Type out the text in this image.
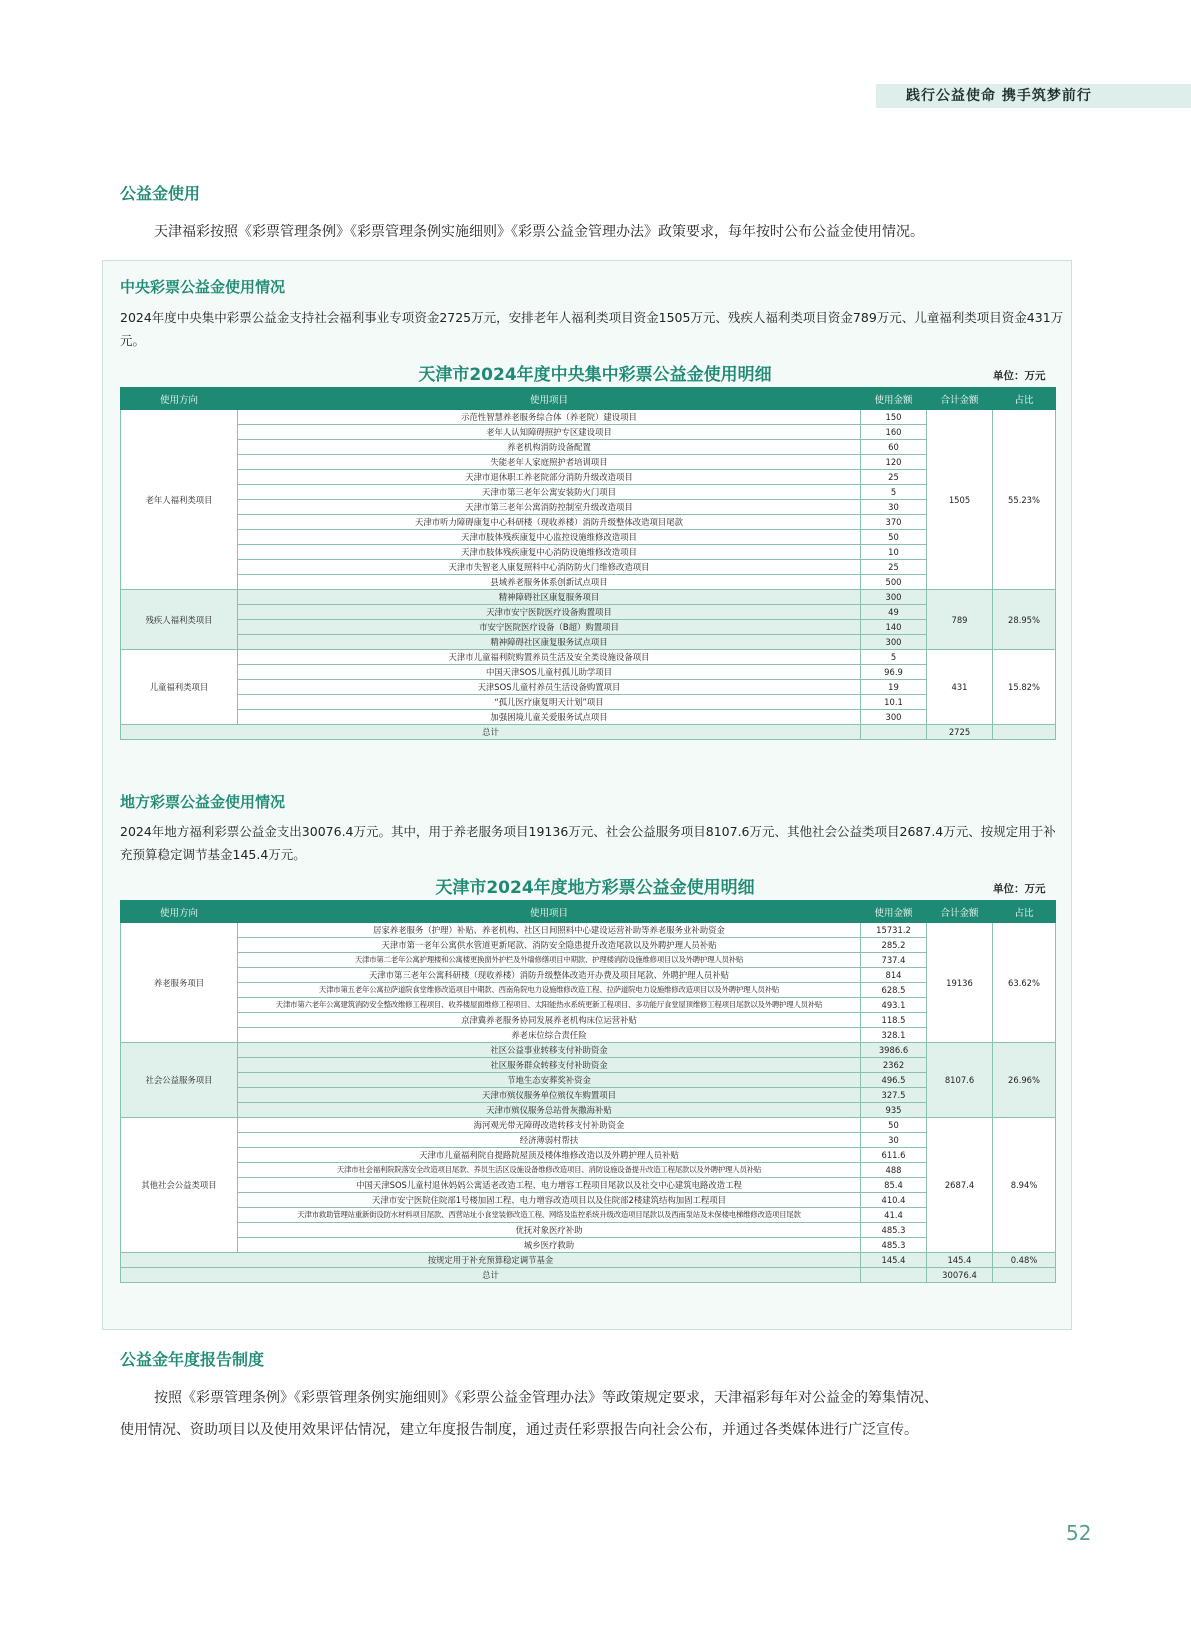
践行公益使命 携手筑梦前行
公益金使用

天津福彩按照《彩票管理条例》《彩票管理条例实施细则》《彩票公益金管理办法》政策要求，每年按时公布公益金使用情况。

中央彩票公益金使用情况
2024年度中央集中彩票公益金支持社会福利事业专项资金2725万元，安排老年人福利类项目资金1505万元、残疾人福利类项目资金789万元、儿童福利类项目资金431万元。
天津市2024年度中央集中彩票公益金使用明细	单位：万元
使用方向	使用项目	使用金额	合计金额	占比
老年人福利类项目	示范性智慧养老服务综合体（养老院）建设项目	150	1505	55.23%
	老年人认知障碍照护专区建设项目	160		
	养老机构消防设备配置	60		
	失能老年人家庭照护者培训项目	120		
	天津市退休职工养老院部分消防升级改造项目	25		
	天津市第三老年公寓安装防火门项目	5		
	天津市第三老年公寓消防控制室升级改造项目	30		
	天津市听力障碍康复中心科研楼（现收养楼）消防升级整体改造项目尾款	370		
	天津市肢体残疾康复中心监控设施维修改造项目	50		
	天津市肢体残疾康复中心消防设施维修改造项目	10		
	天津市失智老人康复照料中心消防防火门维修改造项目	25		
	县域养老服务体系创新试点项目	500		
残疾人福利类项目	精神障碍社区康复服务项目	300	789	28.95%
	天津市安宁医院医疗设备购置项目	49		
	市安宁医院医疗设备（B超）购置项目	140		
	精神障碍社区康复服务试点项目	300		
儿童福利类项目	天津市儿童福利院购置养员生活及安全类设施设备项目	5	431	15.82%
	中国天津SOS儿童村孤儿助学项目	96.9		
	天津SOS儿童村养员生活设备购置项目	19		
	“孤儿医疗康复明天计划”项目	10.1		
	加强困境儿童关爱服务试点项目	300		
总计			2725	
地方彩票公益金使用情况
2024年地方福利彩票公益金支出30076.4万元。其中，用于养老服务项目19136万元、社会公益服务项目8107.6万元、其他社会公益类项目2687.4万元、按规定用于补充预算稳定调节基金145.4万元。
天津市2024年度地方彩票公益金使用明细	单位：万元
使用方向	使用项目	使用金额	合计金额	占比
养老服务项目	居家养老服务（护理）补贴、养老机构、社区日间照料中心建设运营补助等养老服务业补助资金	15731.2	19136	63.62%
	天津市第一老年公寓供水管道更新尾款、消防安全隐患提升改造尾款以及外聘护理人员补贴	285.2		
	天津市第二老年公寓护理楼和公寓楼更换窗外护栏及外墙修缮项目中期款、护理楼消防设施维修项目以及外聘护理人员补贴	737.4		
	天津市第三老年公寓科研楼（现收养楼）消防升级整体改造开办费及项目尾款、外聘护理人员补贴	814		
	天津市第五老年公寓拉萨道院食堂维修改造项目中期款、西南角院电力设施维修改造工程、拉萨道院电力设施维修改造项目以及外聘护理人员补贴	628.5		
	天津市第六老年公寓建筑消防安全整改维修工程项目、收养楼屋面维修工程项目、太阳能热水系统更新工程项目、多功能厅食堂屋顶维修工程项目尾款以及外聘护理人员补贴	493.1		
	京津冀养老服务协同发展养老机构床位运营补贴	118.5		
	养老床位综合责任险	328.1		
社会公益服务项目	社区公益事业转移支付补助资金	3986.6	8107.6	26.96%
	社区服务群众转移支付补助资金	2362		
	节地生态安葬奖补资金	496.5		
	天津市殡仪服务单位殡仪车购置项目	327.5		
	天津市殡仪服务总站骨灰撒海补贴	935		
其他社会公益类项目	海河观光带无障碍改造转移支付补助资金	50	2687.4	8.94%
	经济薄弱村帮扶	30		
	天津市儿童福利院自提路院屋顶及楼体维修改造以及外聘护理人员补贴	611.6		
	天津市社会福利院院落安全改造项目尾款、养员生活区设施设备维修改造项目、消防设施设备提升改造工程尾款以及外聘护理人员补贴	488		
	中国天津SOS儿童村退休妈妈公寓适老改造工程、电力增容工程项目尾款以及社交中心建筑电路改造工程	85.4		
	天津市安宁医院住院部1号楼加固工程、电力增容改造项目以及住院部2楼建筑结构加固工程项目	410.4		
	天津市救助管理站重新街设防水材料项目尾款、西营站址小食堂装修改造工程、网络及监控系统升级改造项目尾款以及西南泵站及未保楼电梯维修改造项目尾款	41.4		
	优抚对象医疗补助	485.3		
	城乡医疗救助	485.3		
按规定用于补充预算稳定调节基金		145.4	145.4	0.48%
总计			30076.4	
公益金年度报告制度

按照《彩票管理条例》《彩票管理条例实施细则》《彩票公益金管理办法》等政策规定要求，天津福彩每年对公益金的筹集情况、

使用情况、资助项目以及使用效果评估情况，建立年度报告制度，通过责任彩票报告向社会公布，并通过各类媒体进行广泛宣传。

52
